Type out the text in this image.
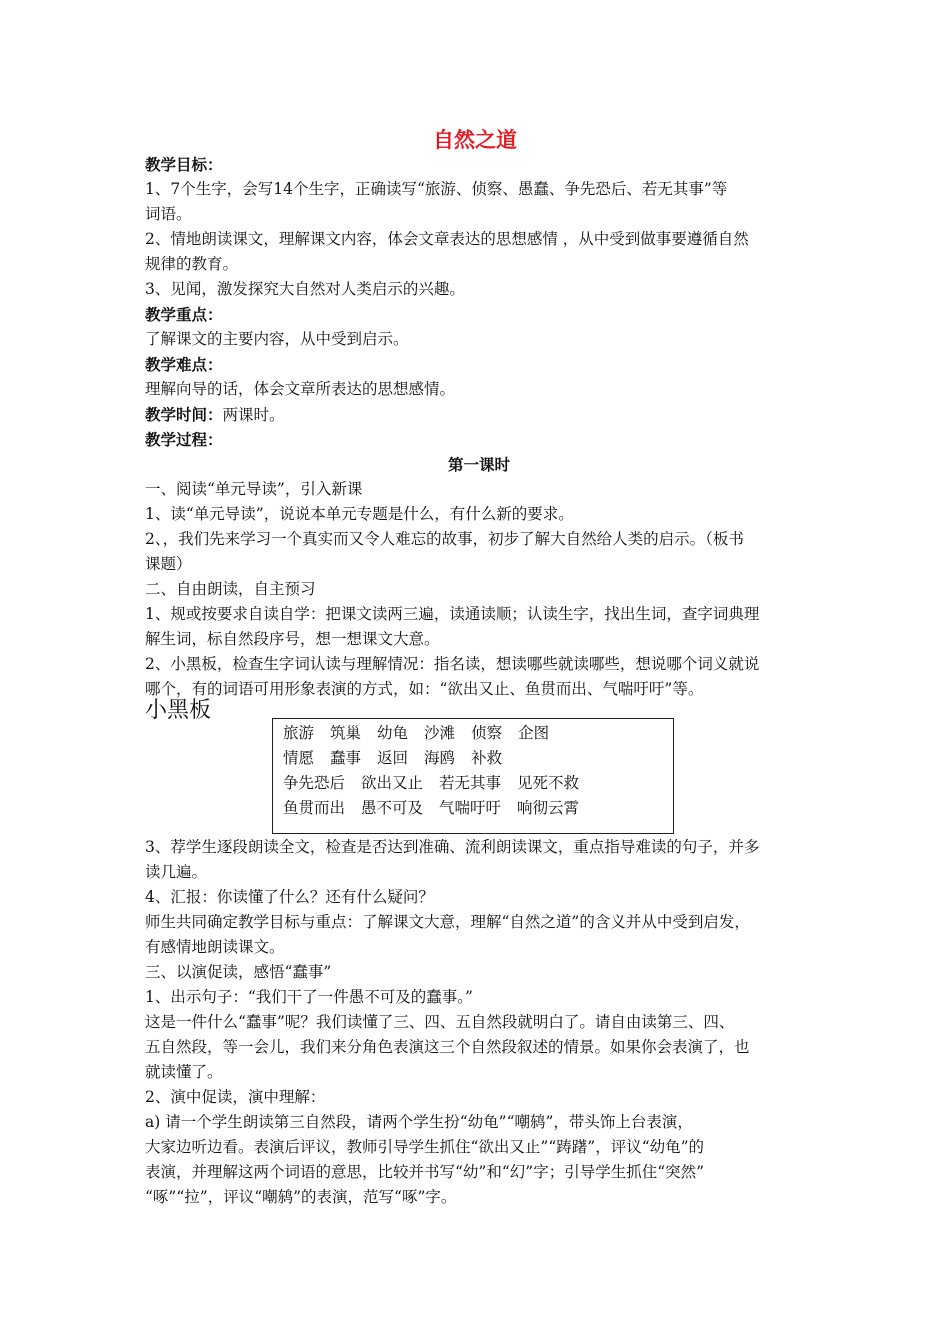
自然之道
教学目标：
1、7个生字，会写14个生字，正确读写“旅游、侦察、愚蠢、争先恐后、若无其事”等
词语。
2、情地朗读课文，理解课文内容，体会文章表达的思想感情 ，从中受到做事要遵循自然
规律的教育。
3、见闻，激发探究大自然对人类启示的兴趣。
教学重点：
了解课文的主要内容，从中受到启示。
教学难点：
理解向导的话，体会文章所表达的思想感情。
教学时间：两课时。
教学过程：
第一课时
一、阅读“单元导读”，引入新课
1、读“单元导读”，说说本单元专题是什么，有什么新的要求。
2、，我们先来学习一个真实而又令人难忘的故事，初步了解大自然给人类的启示。（板书
课题）
二、自由朗读，自主预习
1、规或按要求自读自学：把课文读两三遍，读通读顺；认读生字，找出生词，查字词典理
解生词，标自然段序号，想一想课文大意。
2、小黑板，检查生字词认读与理解情况：指名读，想读哪些就读哪些，想说哪个词义就说
哪个，有的词语可用形象表演的方式，如：“欲出又止、鱼贯而出、气喘吁吁”等。
小黑板
旅游 筑巢 幼龟 沙滩 侦察 企图
情愿 蠢事 返回 海鸥 补救
争先恐后 欲出又止 若无其事 见死不救
鱼贯而出 愚不可及 气喘吁吁 响彻云霄
3、荐学生逐段朗读全文，检查是否达到准确、流利朗读课文，重点指导难读的句子，并多
读几遍。
4、汇报：你读懂了什么？还有什么疑问？
师生共同确定教学目标与重点：了解课文大意，理解“自然之道”的含义并从中受到启发，
有感情地朗读课文。
三、以演促读，感悟“蠢事”
1、出示句子：“我们干了一件愚不可及的蠢事。”
这是一件什么“蠢事”呢？我们读懂了三、四、五自然段就明白了。请自由读第三、四、
五自然段，等一会儿，我们来分角色表演这三个自然段叙述的情景。如果你会表演了，也
就读懂了。
2、演中促读，演中理解：
a) 请一个学生朗读第三自然段，请两个学生扮“幼龟”“嘲鸫”，带头饰上台表演，
大家边听边看。表演后评议，教师引导学生抓住“欲出又止”“踌躇”，评议“幼龟”的
表演，并理解这两个词语的意思，比较并书写“幼”和“幻”字；引导学生抓住“突然”
“啄”“拉”，评议“嘲鸫”的表演，范写“啄”字。
